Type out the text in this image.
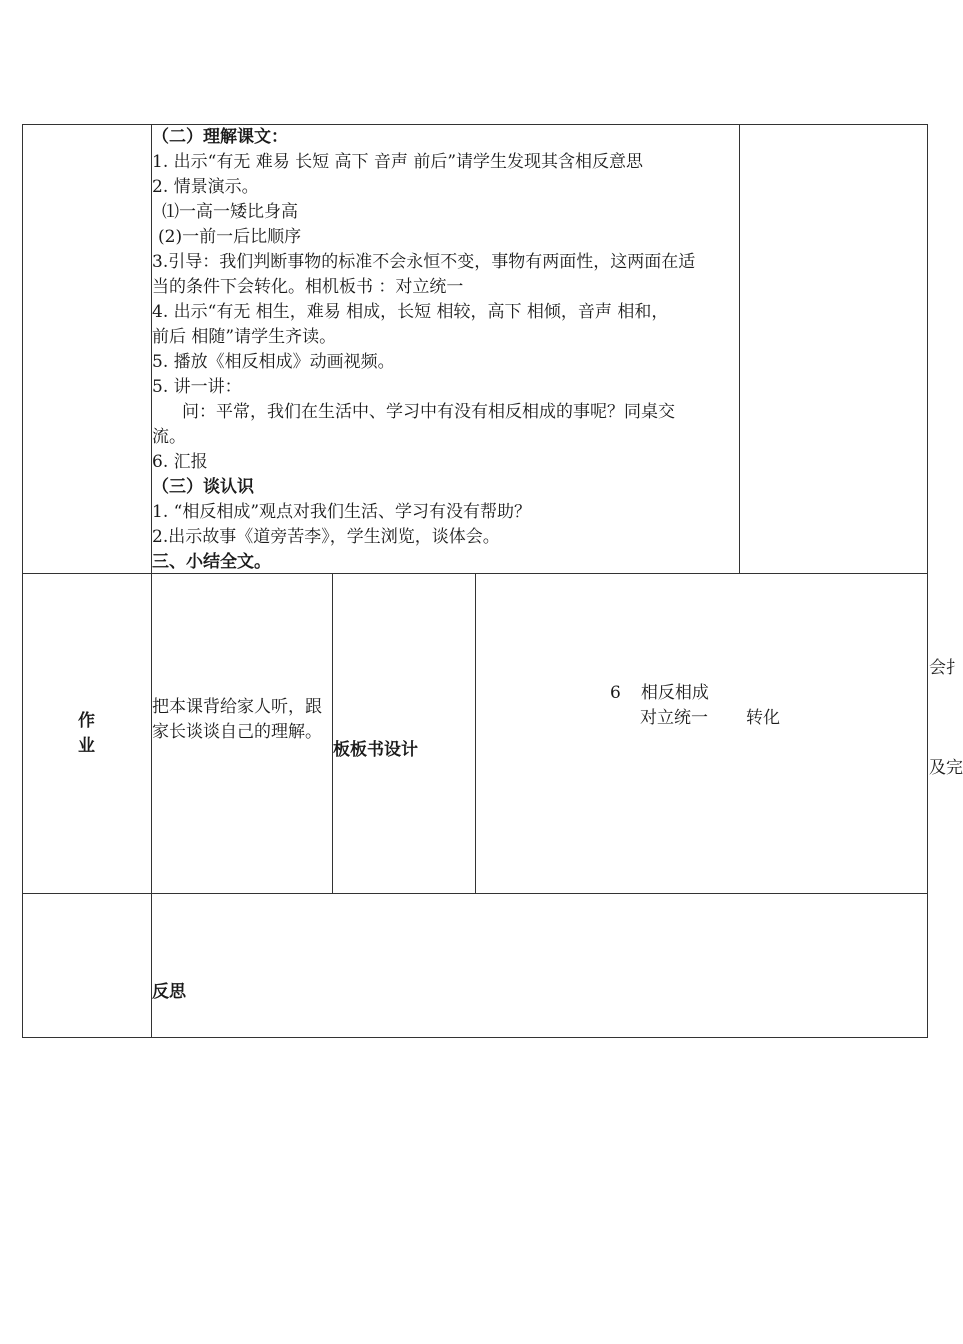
（二）理解课文：
1. 出示“有无 难易 长短 高下 音声 前后”请学生发现其含相反意思
2. 情景演示。
⑴一高一矮比身高
(2)一前一后比顺序
3.引导：我们判断事物的标准不会永恒不变，事物有两面性，这两面在适
当的条件下会转化。相机板书 ：对立统一
4. 出示“有无 相生，难易 相成，长短 相较，高下 相倾，音声 相和，
前后 相随”请学生齐读。
5. 播放《相反相成》动画视频。
5. 讲一讲：
问：平常，我们在生活中、学习中有没有相反相成的事呢？同桌交
流。
6. 汇报
（三）谈认识
1. “相反相成”观点对我们生活、学习有没有帮助？
2.出示故事《道旁苦李》，学生浏览，谈体会。
三、小结全文。
作
业
把本课背给家人听，跟家长谈谈自己的理解。
板板书设计
6 相反相成
对立统一 转化
反思
会扌
及完
